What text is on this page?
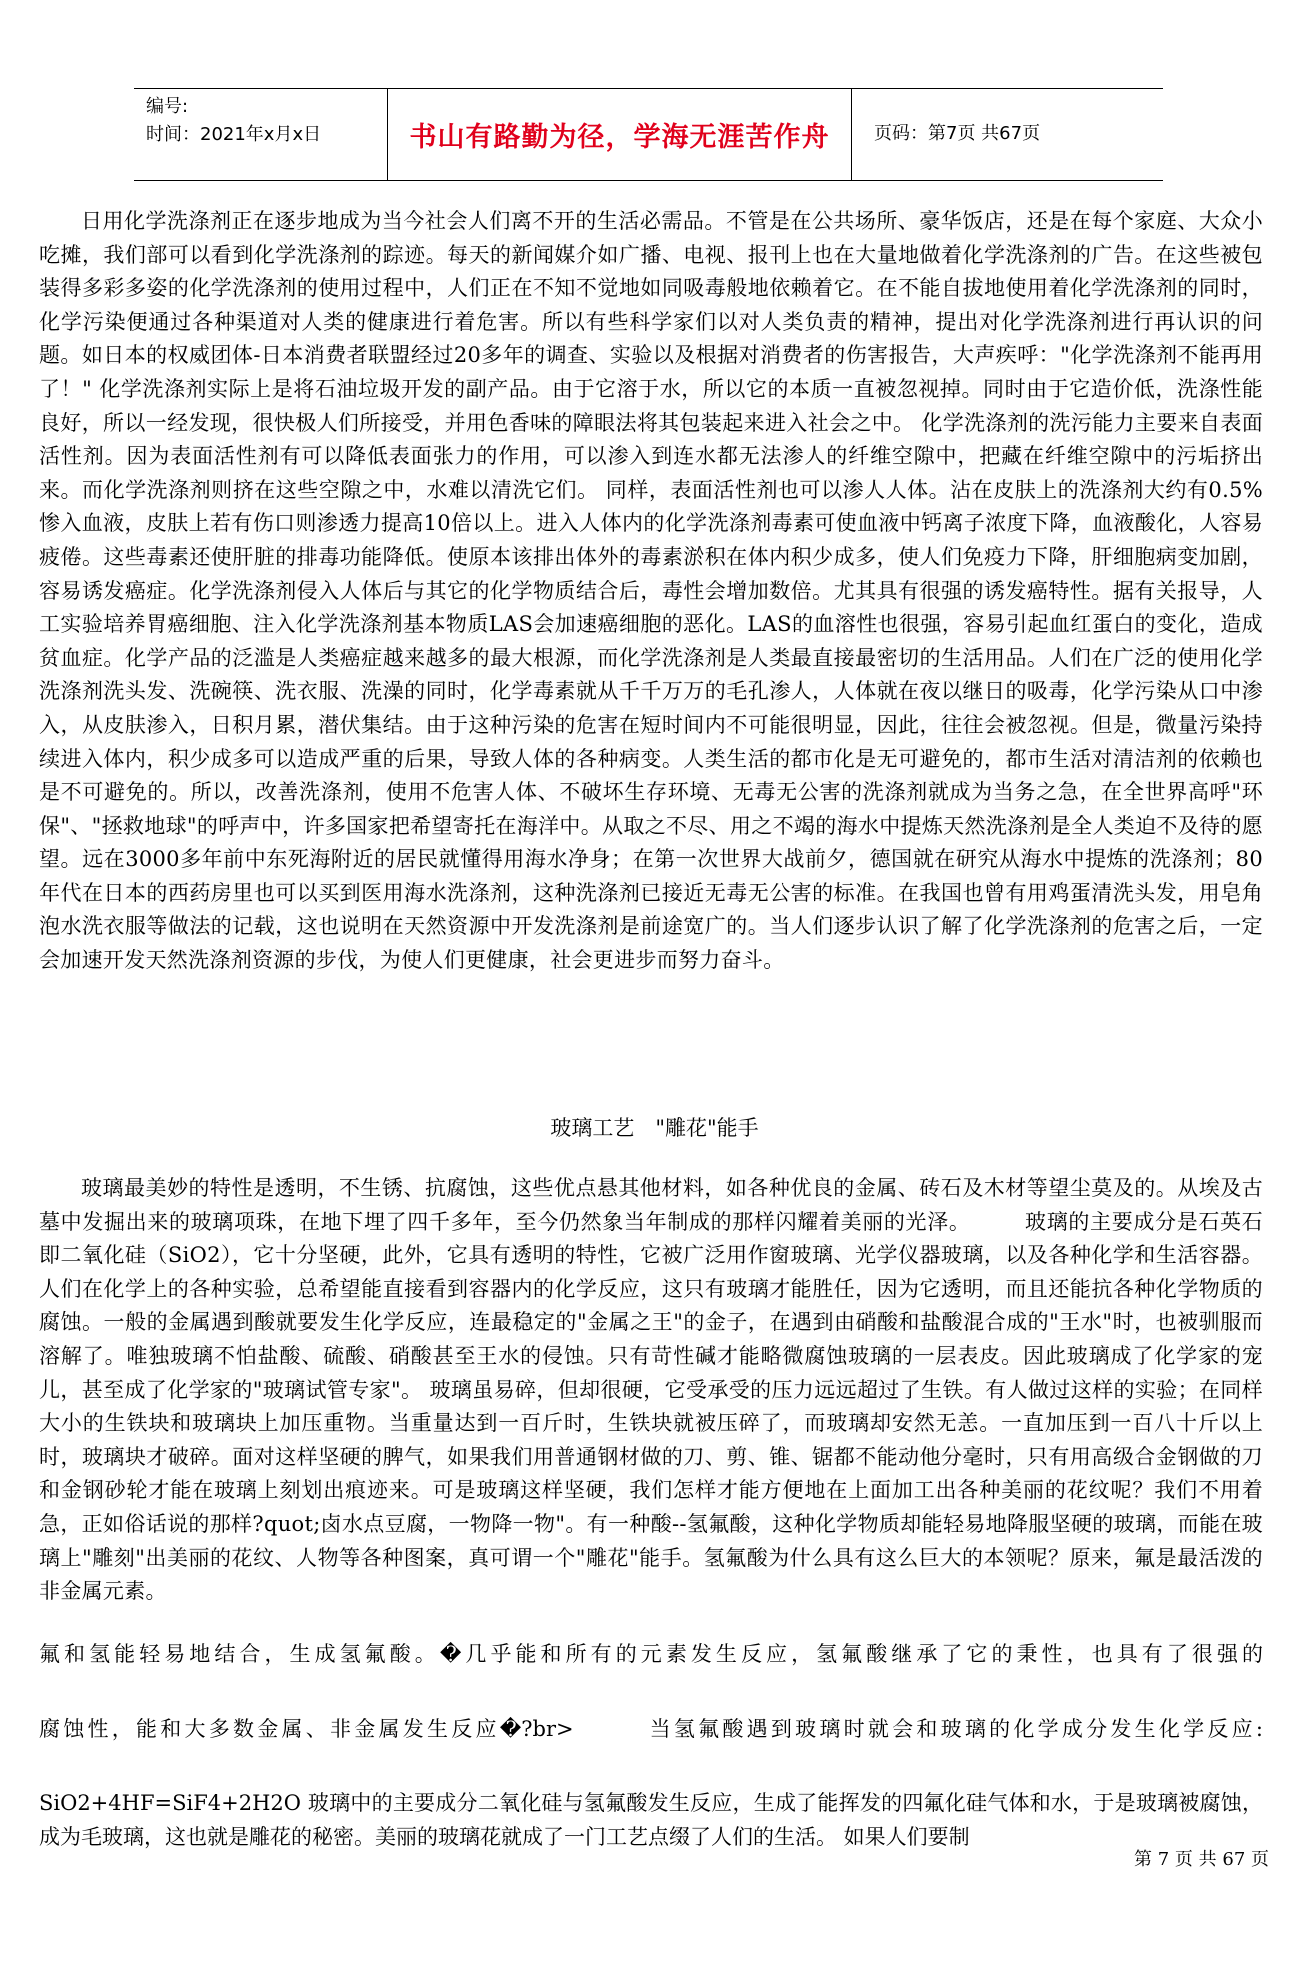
编号:
时间：2021年x月x日	书山有路勤为径，学海无涯苦作舟	页码：第7页 共67页

日用化学洗涤剂正在逐步地成为当今社会人们离不开的生活必需品。不管是在公共场所、豪华饭店，还是在每个家庭、大众小吃摊，我们部可以看到化学洗涤剂的踪迹。每天的新闻媒介如广播、电视、报刊上也在大量地做着化学洗涤剂的广告。在这些被包装得多彩多姿的化学洗涤剂的使用过程中，人们正在不知不觉地如同吸毒般地依赖着它。在不能自拔地使用着化学洗涤剂的同时，化学污染便通过各种渠道对人类的健康进行着危害。所以有些科学家们以对人类负责的精神，提出对化学洗涤剂进行再认识的问题。如日本的权威团体-日本消费者联盟经过20多年的调查、实验以及根据对消费者的伤害报告，大声疾呼："化学洗涤剂不能再用了！" 化学洗涤剂实际上是将石油垃圾开发的副产品。由于它溶于水，所以它的本质一直被忽视掉。同时由于它造价低，洗涤性能良好，所以一经发现，很快极人们所接受，并用色香味的障眼法将其包装起来进入社会之中。 化学洗涤剂的洗污能力主要来自表面活性剂。因为表面活性剂有可以降低表面张力的作用，可以渗入到连水都无法渗人的纤维空隙中，把藏在纤维空隙中的污垢挤出来。而化学洗涤剂则挤在这些空隙之中，水难以清洗它们。 同样，表面活性剂也可以渗人人体。沾在皮肤上的洗涤剂大约有0.5%惨入血液，皮肤上若有伤口则渗透力提高10倍以上。进入人体内的化学洗涤剂毒素可使血液中钙离子浓度下降，血液酸化，人容易疲倦。这些毒素还使肝脏的排毒功能降低。使原本该排出体外的毒素淤积在体内积少成多，使人们免疫力下降，肝细胞病变加剧，容易诱发癌症。化学洗涤剂侵入人体后与其它的化学物质结合后，毒性会增加数倍。尤其具有很强的诱发癌特性。据有关报导，人工实验培养胃癌细胞、注入化学洗涤剂基本物质LAS会加速癌细胞的恶化。LAS的血溶性也很强，容易引起血红蛋白的变化，造成贫血症。化学产品的泛滥是人类癌症越来越多的最大根源，而化学洗涤剂是人类最直接最密切的生活用品。人们在广泛的使用化学洗涤剂洗头发、洗碗筷、洗衣服、洗澡的同时，化学毒素就从千千万万的毛孔渗人，人体就在夜以继日的吸毒，化学污染从口中渗入，从皮肤渗入，日积月累，潜伏集结。由于这种污染的危害在短时间内不可能很明显，因此，往往会被忽视。但是，微量污染持续进入体内，积少成多可以造成严重的后果，导致人体的各种病变。人类生活的都市化是无可避免的，都市生活对清洁剂的依赖也是不可避免的。所以，改善洗涤剂，使用不危害人体、不破坏生存环境、无毒无公害的洗涤剂就成为当务之急，在全世界高呼"环保"、"拯救地球"的呼声中，许多国家把希望寄托在海洋中。从取之不尽、用之不竭的海水中提炼天然洗涤剂是全人类迫不及待的愿望。远在3000多年前中东死海附近的居民就懂得用海水净身；在第一次世界大战前夕，德国就在研究从海水中提炼的洗涤剂；80年代在日本的西药房里也可以买到医用海水洗涤剂，这种洗涤剂已接近无毒无公害的标准。在我国也曾有用鸡蛋清洗头发，用皂角泡水洗衣服等做法的记载，这也说明在天然资源中开发洗涤剂是前途宽广的。当人们逐步认识了解了化学洗涤剂的危害之后，一定会加速开发天然洗涤剂资源的步伐，为使人们更健康，社会更进步而努力奋斗。

玻璃工艺　"雕花"能手

玻璃最美妙的特性是透明，不生锈、抗腐蚀，这些优点悬其他材料，如各种优良的金属、砖石及木材等望尘莫及的。从埃及古墓中发掘出来的玻璃项珠，在地下埋了四千多年，至今仍然象当年制成的那样闪耀着美丽的光泽。　　　玻璃的主要成分是石英石即二氧化硅（SiO2），它十分坚硬，此外，它具有透明的特性，它被广泛用作窗玻璃、光学仪器玻璃，以及各种化学和生活容器。人们在化学上的各种实验，总希望能直接看到容器内的化学反应，这只有玻璃才能胜任，因为它透明，而且还能抗各种化学物质的腐蚀。一般的金属遇到酸就要发生化学反应，连最稳定的"金属之王"的金子，在遇到由硝酸和盐酸混合成的"王水"时，也被驯服而溶解了。唯独玻璃不怕盐酸、硫酸、硝酸甚至王水的侵蚀。只有苛性碱才能略微腐蚀玻璃的一层表皮。因此玻璃成了化学家的宠儿，甚至成了化学家的"玻璃试管专家"。 玻璃虽易碎，但却很硬，它受承受的压力远远超过了生铁。有人做过这样的实验；在同样大小的生铁块和玻璃块上加压重物。当重量达到一百斤时，生铁块就被压碎了，而玻璃却安然无恙。一直加压到一百八十斤以上时，玻璃块才破碎。面对这样坚硬的脾气，如果我们用普通钢材做的刀、剪、锥、锯都不能动他分毫时，只有用高级合金钢做的刀和金钢砂轮才能在玻璃上刻划出痕迹来。可是玻璃这样坚硬，我们怎样才能方便地在上面加工出各种美丽的花纹呢？我们不用着急，正如俗话说的那样?quot;卤水点豆腐，一物降一物"。有一种酸--氢氟酸，这种化学物质却能轻易地降服坚硬的玻璃，而能在玻璃上"雕刻"出美丽的花纹、人物等各种图案，真可谓一个"雕花"能手。氢氟酸为什么具有这么巨大的本领呢？原来，氟是最活泼的非金属元素。

氟和氢能轻易地结合，生成氢氟酸。�几乎能和所有的元素发生反应，氢氟酸继承了它的秉性，也具有了很强的
腐蚀性，能和大多数金属、非金属发生反应�?br>　　　当氢氟酸遇到玻璃时就会和玻璃的化学成分发生化学反应:
SiO2+4HF=SiF4+2H2O 玻璃中的主要成分二氧化硅与氢氟酸发生反应，生成了能挥发的四氟化硅气体和水，于是玻璃被腐蚀，成为毛玻璃，这也就是雕花的秘密。美丽的玻璃花就成了一门工艺点缀了人们的生活。 如果人们要制
第 7 页 共 67 页
